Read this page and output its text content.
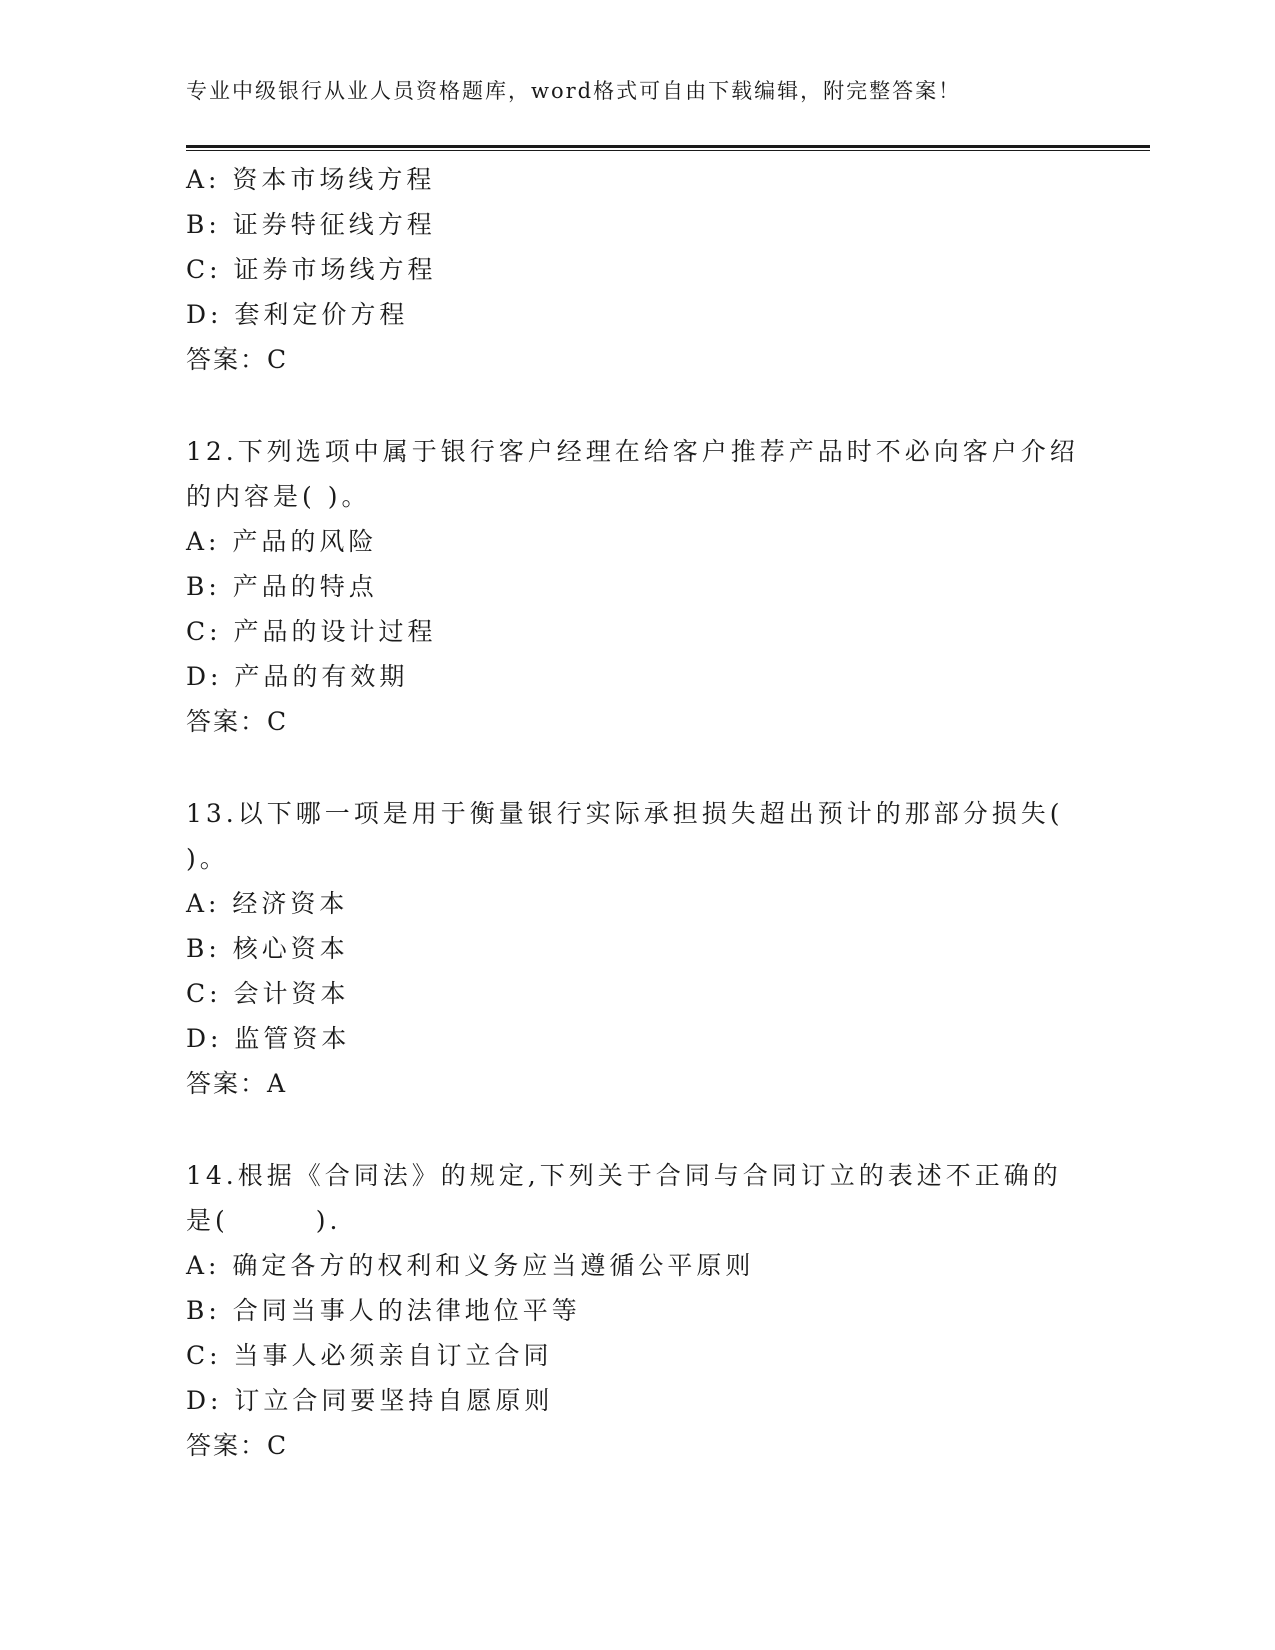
专业中级银行从业人员资格题库，word格式可自由下载编辑，附完整答案！
A: 资本市场线方程
B: 证券特征线方程
C: 证券市场线方程
D: 套利定价方程
答案：C
12.下列选项中属于银行客户经理在给客户推荐产品时不必向客户介绍
的内容是( )。
A: 产品的风险
B: 产品的特点
C: 产品的设计过程
D: 产品的有效期
答案：C
13.以下哪一项是用于衡量银行实际承担损失超出预计的那部分损失(
)。
A: 经济资本
B: 核心资本
C: 会计资本
D: 监管资本
答案：A
14.根据《合同法》的规定,下列关于合同与合同订立的表述不正确的
是(　　　).
A: 确定各方的权利和义务应当遵循公平原则
B: 合同当事人的法律地位平等
C: 当事人必须亲自订立合同
D: 订立合同要坚持自愿原则
答案：C
